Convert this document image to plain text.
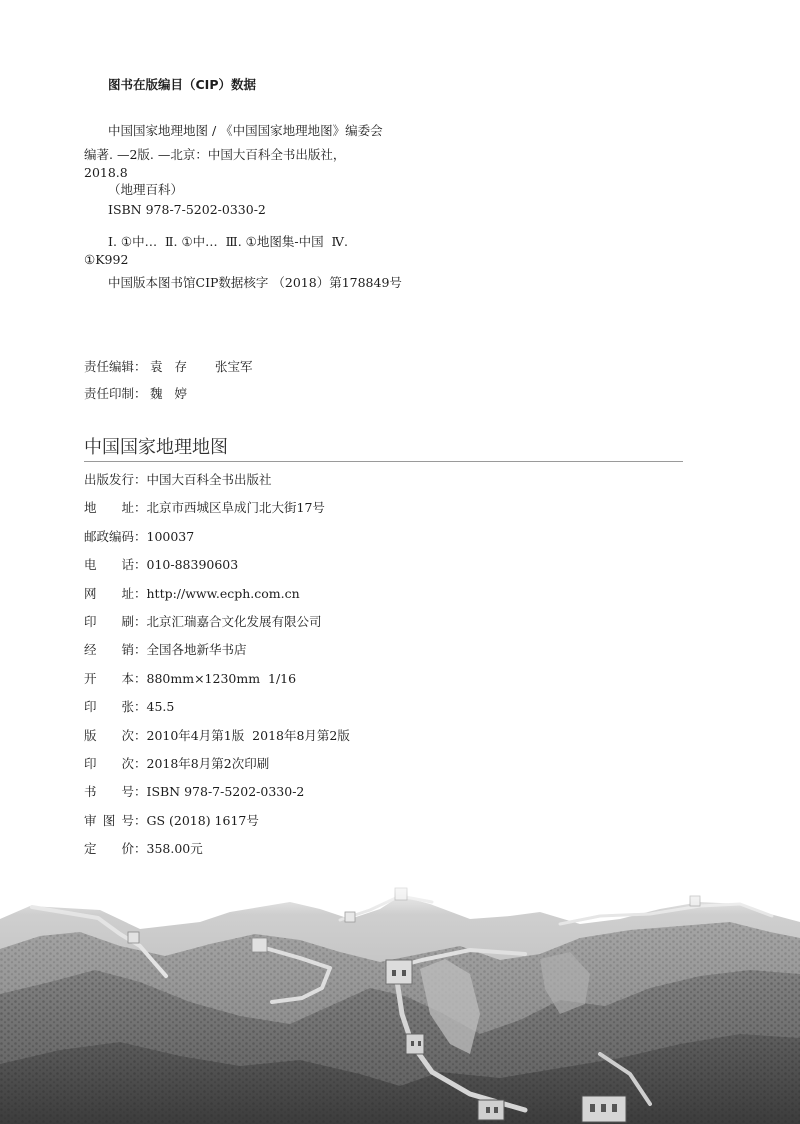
图书在版编目（CIP）数据
中国国家地理地图 / 《中国国家地理地图》编委会
编著. —2版. —北京：中国大百科全书出版社，
2018.8
（地理百科）
ISBN 978-7-5202-0330-2
Ⅰ. ①中…  Ⅱ. ①中…  Ⅲ. ①地图集-中国  Ⅳ.
①K992
中国版本图书馆CIP数据核字 （2018）第178849号
责任编辑： 袁存 张宝军
责任印制： 魏婷
中国国家地理地图
出版发行：中国大百科全书出版社
地址：北京市西城区阜成门北大街17号
邮政编码：100037
电话：010-88390603
网址：http://www.ecph.com.cn
印刷：北京汇瑞嘉合文化发展有限公司
经销：全国各地新华书店
开本：880mm×1230mm  1/16
印张：45.5
版次：2010年4月第1版  2018年8月第2版
印次：2018年8月第2次印刷
书号：ISBN 978-7-5202-0330-2
审图号：GS (2018) 1617号
定价：358.00元
